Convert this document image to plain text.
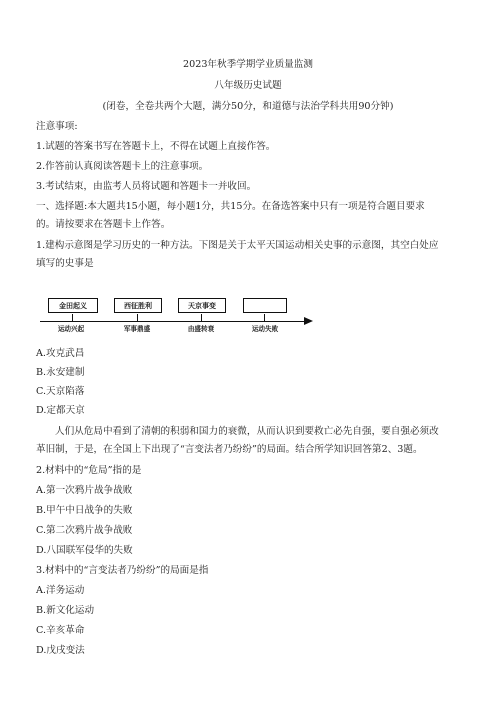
2023年秋季学期学业质量监测
八年级历史试题
(闭卷，全卷共两个大题，满分50分，和道德与法治学科共用90分钟)
注意事项:
1.试题的答案书写在答题卡上，不得在试题上直接作答。
2.作答前认真阅读答题卡上的注意事项。
3.考试结束，由监考人员将试题和答题卡一并收回。
一、选择题:本大题共15小题，每小题1分，共15分。在备选答案中只有一项是符合题目要求
的。请按要求在答题卡上作答。
1.建构示意图是学习历史的一种方法。下图是关于太平天国运动相关史事的示意图，其空白处应
填写的史事是
金田起义	西征胜利	天京事变
运动兴起	军事鼎盛	由盛转衰	运动失败
A.攻克武昌
B.永安建制
C.天京陷落
D.定都天京
人们从危局中看到了清朝的积弱和国力的衰微，从而认识到要救亡必先自强，要自强必须改
革旧制，于是，在全国上下出现了“言变法者乃纷纷”的局面。结合所学知识回答第2、3题。
2.材料中的“危局”指的是
A.第一次鸦片战争战败
B.甲午中日战争的失败
C.第二次鸦片战争战败
D.八国联军侵华的失败
3.材料中的“言变法者乃纷纷”的局面是指
A.洋务运动
B.新文化运动
C.辛亥革命
D.戊戌变法
